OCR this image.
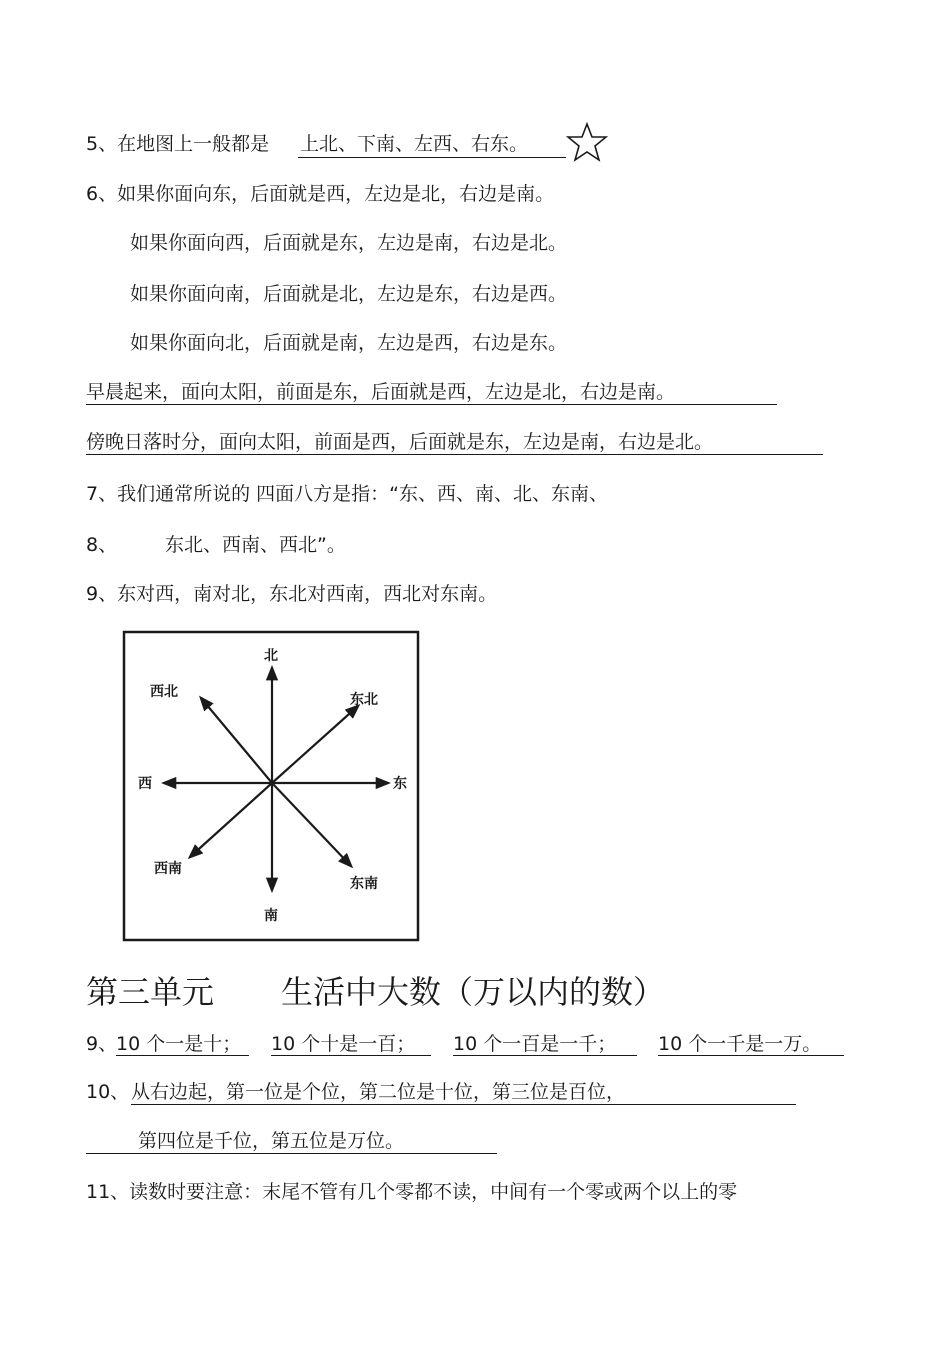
5、在地图上一般都是 上北、下南、左西、右东。
6、如果你面向东，后面就是西，左边是北，右边是南。
如果你面向西，后面就是东，左边是南，右边是北。
如果你面向南，后面就是北，左边是东，右边是西。
如果你面向北，后面就是南，左边是西，右边是东。
早晨起来，面向太阳，前面是东，后面就是西，左边是北，右边是南。
傍晚日落时分，面向太阳，前面是西，后面就是东，左边是南，右边是北。
7、我们通常所说的 四面八方是指：“东、西、南、北、东南、
8、	东北、西南、西北”。
9、东对西，南对北，东北对西南，西北对东南。
北
南
东
西
东北
西北
东南
西南
第三单元 生活中大数（万以内的数）
9、
10 个一是十； 10 个十是一百； 10 个一百是一千； 10 个一千是一万。
10、 从右边起，第一位是个位，第二位是十位，第三位是百位，
第四位是千位，第五位是万位。
11、读数时要注意：末尾不管有几个零都不读，中间有一个零或两个以上的零
